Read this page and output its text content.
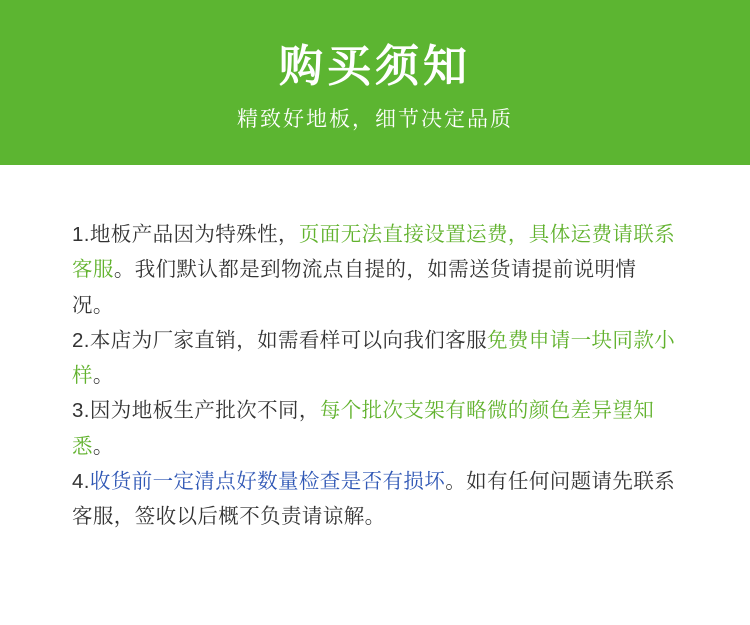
购买须知
精致好地板，细节决定品质
1.地板产品因为特殊性，页面无法直接设置运费，具体运费请联系客服。我们默认都是到物流点自提的，如需送货请提前说明情况。
2.本店为厂家直销，如需看样可以向我们客服免费申请一块同款小样。
3.因为地板生产批次不同，每个批次支架有略微的颜色差异望知悉。
4.收货前一定清点好数量检查是否有损坏。如有任何问题请先联系客服，签收以后概不负责请谅解。
